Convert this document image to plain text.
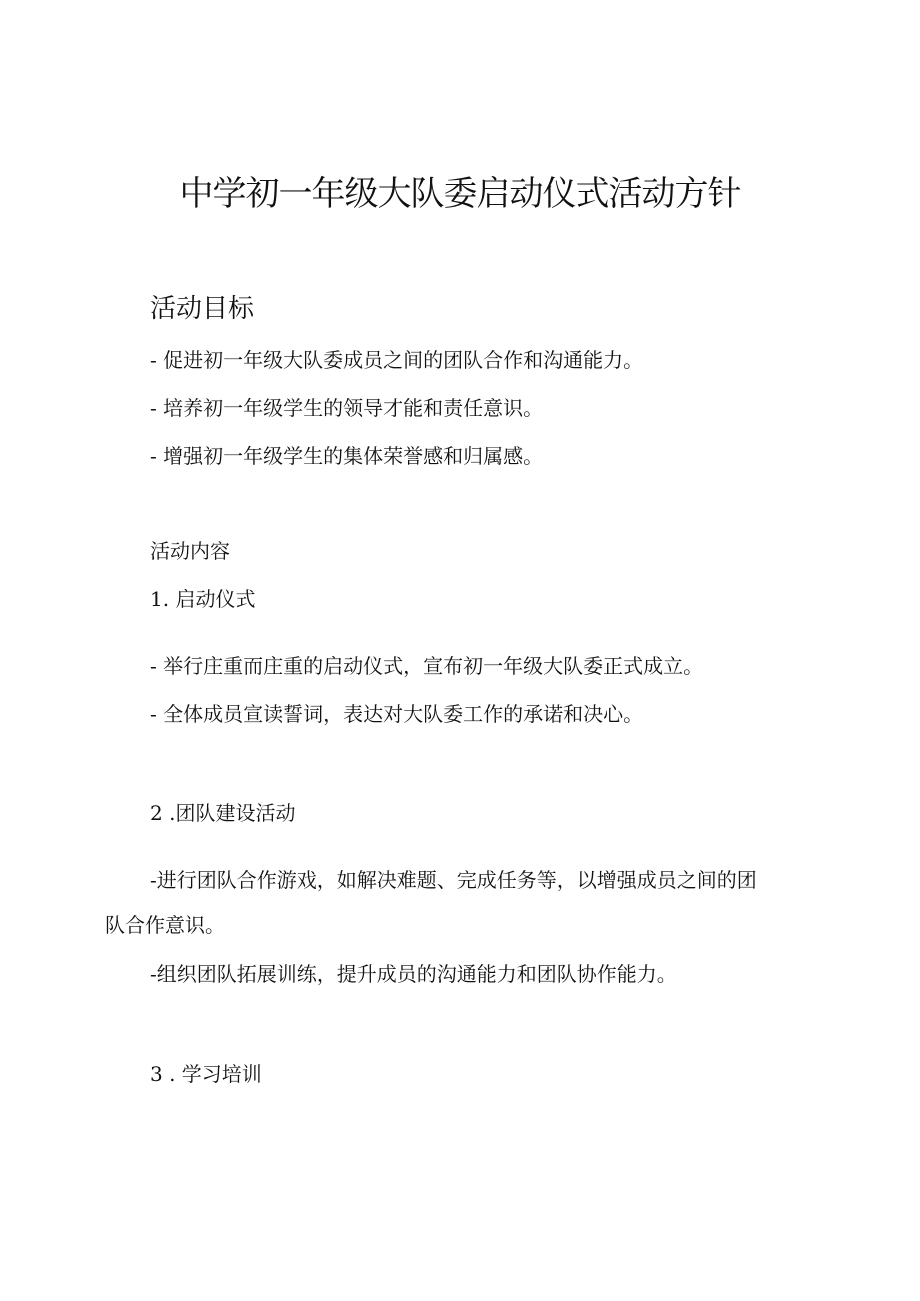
中学初一年级大队委启动仪式活动方针
活动目标
- 促进初一年级大队委成员之间的团队合作和沟通能力。
- 培养初一年级学生的领导才能和责任意识。
- 增强初一年级学生的集体荣誉感和归属感。
活动内容
1. 启动仪式
- 举行庄重而庄重的启动仪式，宣布初一年级大队委正式成立。
- 全体成员宣读誓词，表达对大队委工作的承诺和决心。
2 .团队建设活动
-进行团队合作游戏，如解决难题、完成任务等，以增强成员之间的团
队合作意识。
-组织团队拓展训练，提升成员的沟通能力和团队协作能力。
3 . 学习培训
